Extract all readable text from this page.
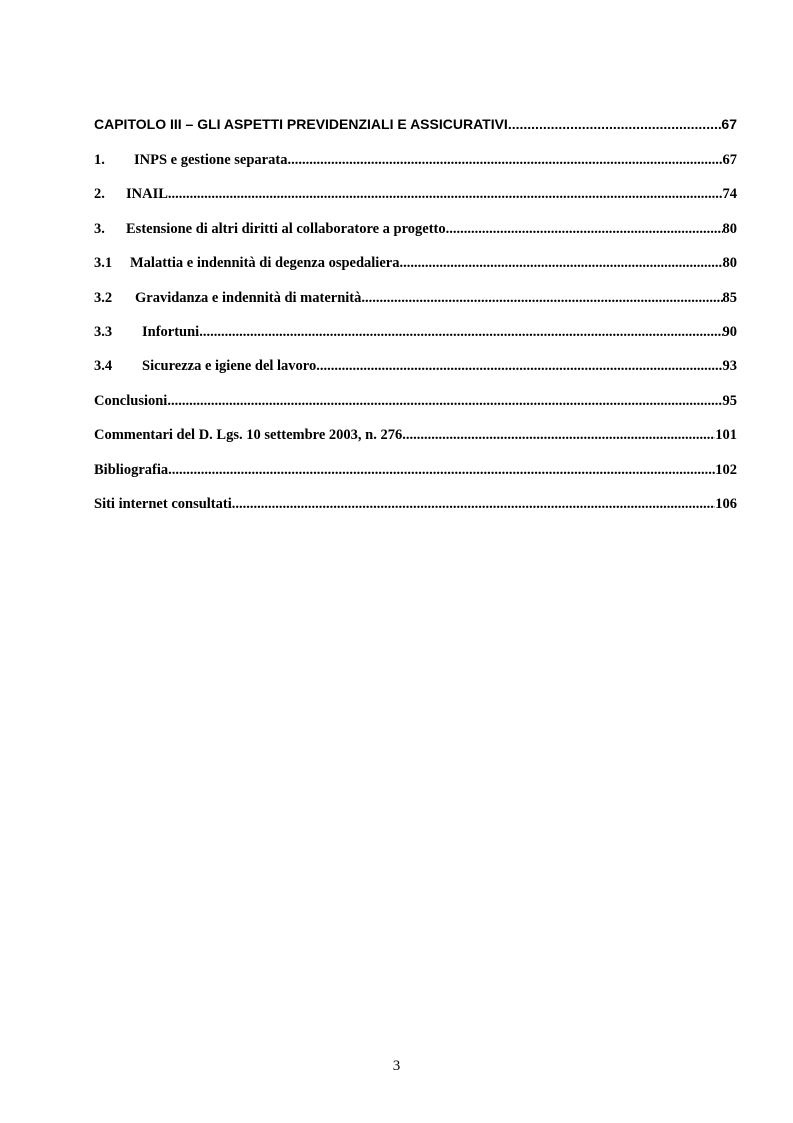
CAPITOLO III – GLI ASPETTI PREVIDENZIALI E ASSICURATIVI .....	67
1.	INPS e gestione separata .....	67
2.	INAIL .....	74
3.	Estensione di altri diritti al collaboratore a progetto .....	80
3.1	Malattia e indennità di degenza ospedaliera .....	80
3.2	Gravidanza e indennità di maternità .....	85
3.3	Infortuni .....	90
3.4	Sicurezza e igiene del lavoro .....	93
Conclusioni .....	95
Commentari del D. Lgs. 10 settembre 2003, n. 276 .....	101
Bibliografia .....	102
Siti internet consultati .....	106
3
